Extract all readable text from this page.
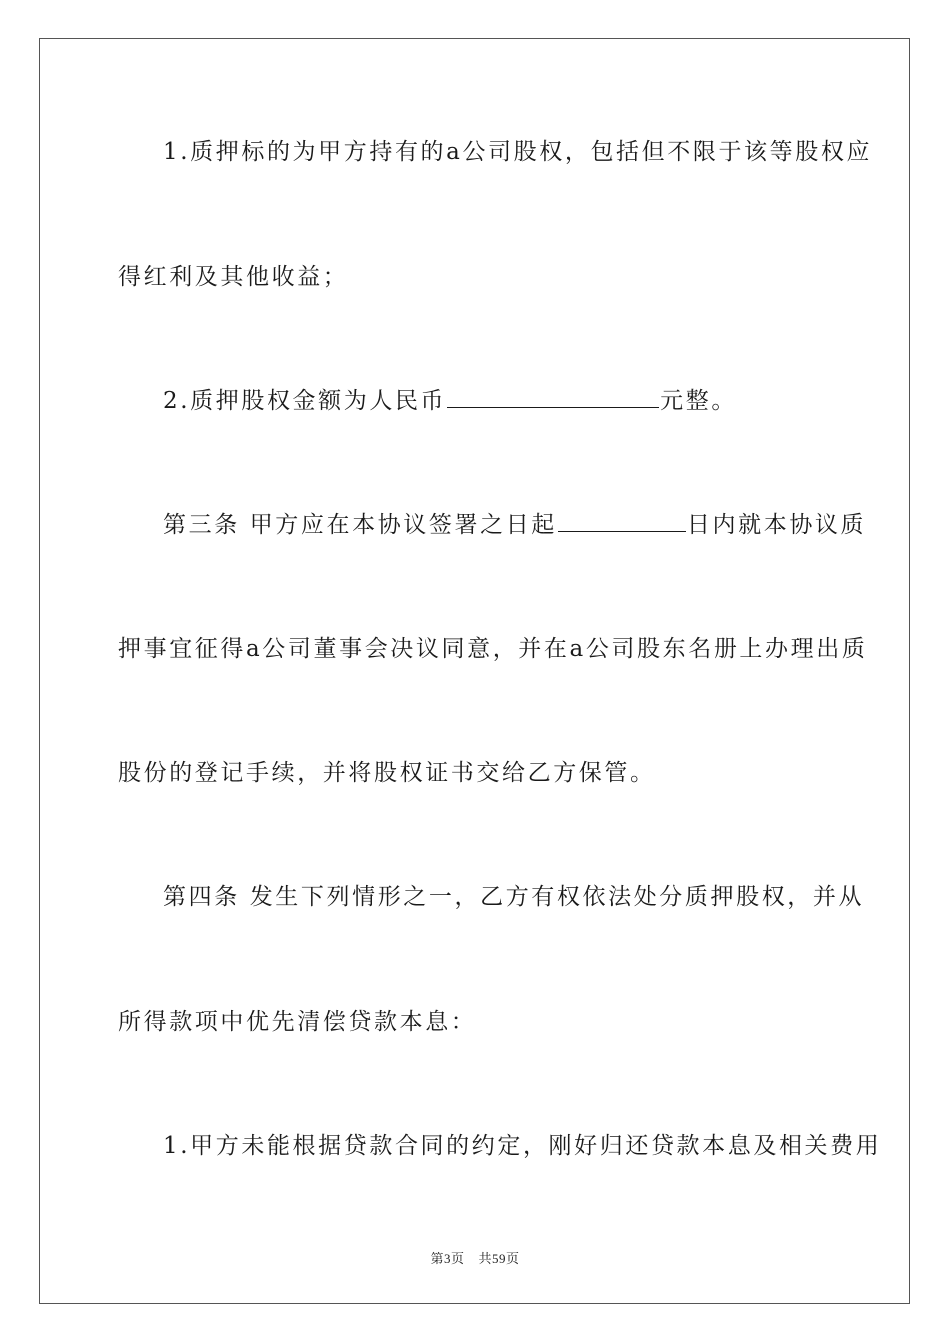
1.质押标的为甲方持有的a公司股权，包括但不限于该等股权应
得红利及其他收益；
2.质押股权金额为人民币	元整。
第三条 甲方应在本协议签署之日起	日内就本协议质
押事宜征得a公司董事会决议同意，并在a公司股东名册上办理出质
股份的登记手续，并将股权证书交给乙方保管。
第四条 发生下列情形之一，乙方有权依法处分质押股权，并从
所得款项中优先清偿贷款本息：
1.甲方未能根据贷款合同的约定，刚好归还贷款本息及相关费用
第3页 共59页
